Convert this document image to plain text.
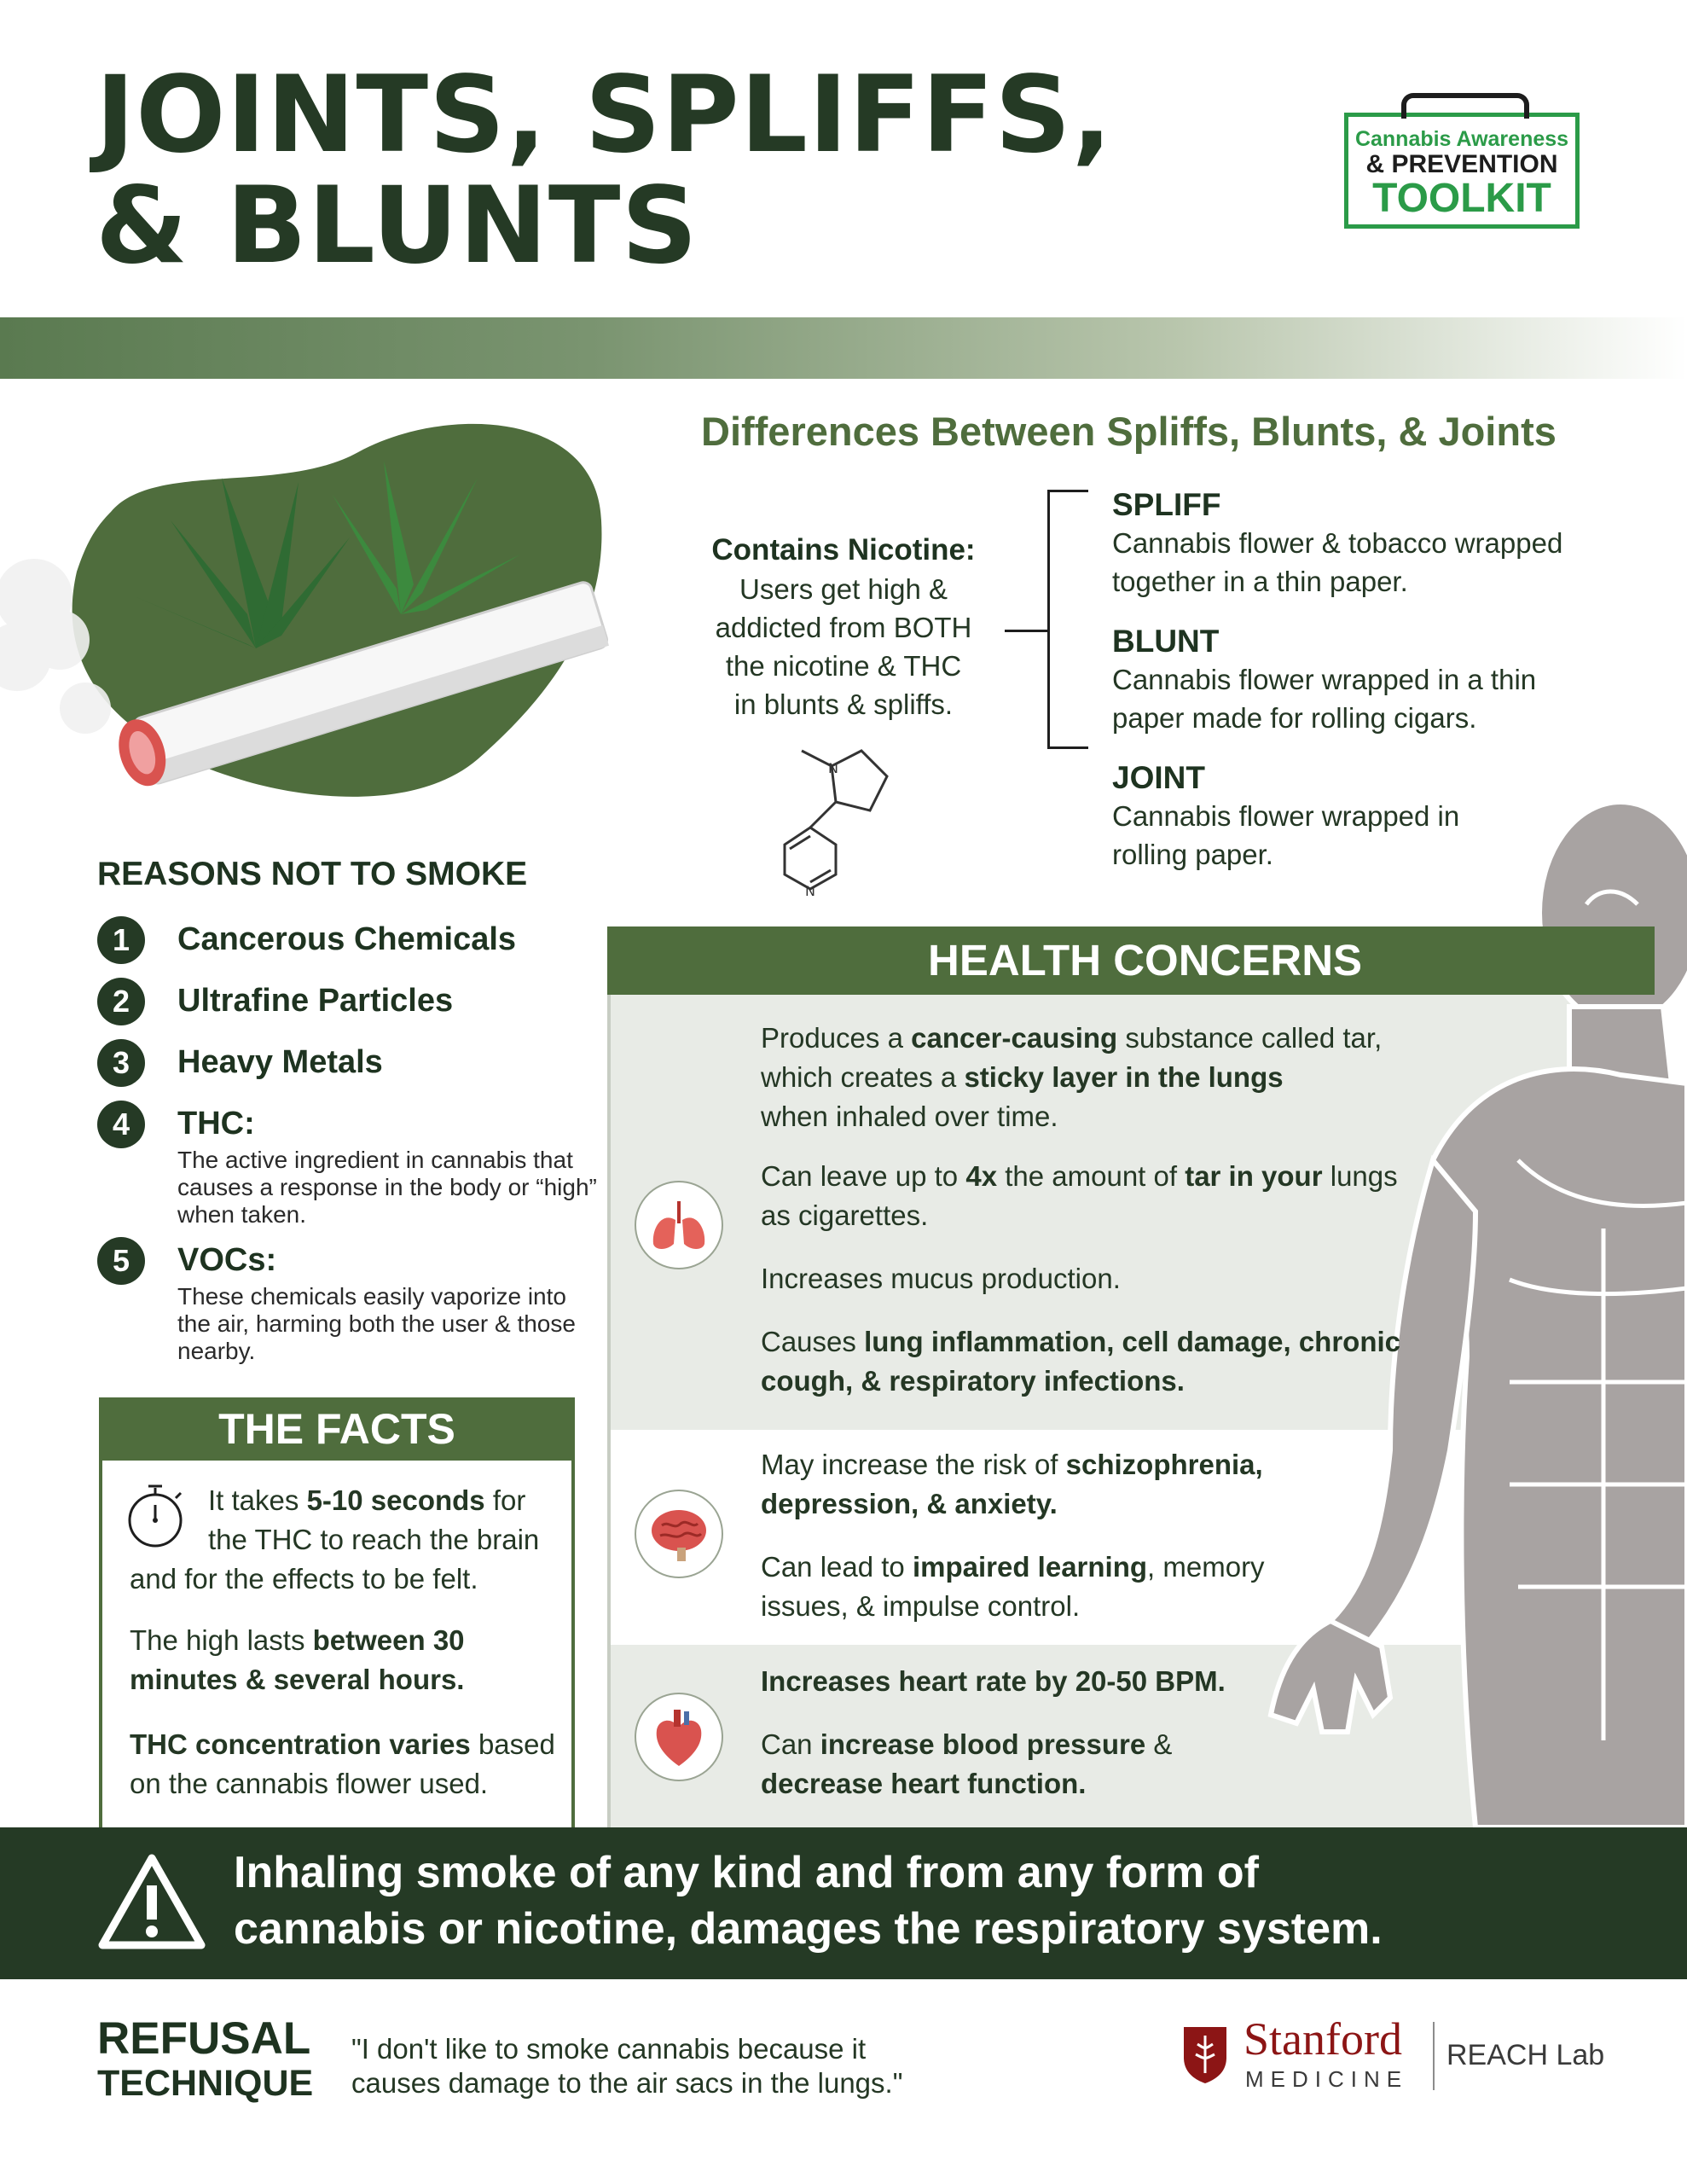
JOINTS, SPLIFFS,
& BLUNTS
Cannabis Awareness
& PREVENTION
TOOLKIT
Differences Between Spliffs, Blunts, & Joints
Contains Nicotine:
Users get high &
addicted from BOTH
the nicotine & THC
in blunts & spliffs.
N
N
SPLIFF
Cannabis flower & tobacco wrapped
together in a thin paper.
BLUNT
Cannabis flower wrapped in a thin
paper made for rolling cigars.
JOINT
Cannabis flower wrapped in
rolling paper.
REASONS NOT TO SMOKE
1	Cancerous Chemicals
2	Ultrafine Particles
3	Heavy Metals
4	THC:
The active ingredient in cannabis that causes a response in the body or “high” when taken.
5	VOCs:
These chemicals easily vaporize into the air, harming both the user & those nearby.
THE FACTS
It takes 5-10 seconds for
the THC to reach the brain
and for the effects to be felt.
The high lasts between 30
minutes & several hours.
THC concentration varies based
on the cannabis flower used.
HEALTH CONCERNS
Produces a cancer-causing substance called tar,
which creates a sticky layer in the lungs
when inhaled over time.
Can leave up to 4x the amount of tar in your lungs
as cigarettes.
Increases mucus production.
Causes lung inflammation, cell damage, chronic
cough, & respiratory infections.
May increase the risk of schizophrenia,
depression, & anxiety.
Can lead to impaired learning, memory
issues, & impulse control.
Increases heart rate by 20-50 BPM.
Can increase blood pressure &
decrease heart function.
Inhaling smoke of any kind and from any form of
cannabis or nicotine, damages the respiratory system.
REFUSAL
TECHNIQUE
"I don't like to smoke cannabis because it
causes damage to the air sacs in the lungs."
Stanford
MEDICINE
REACH Lab
